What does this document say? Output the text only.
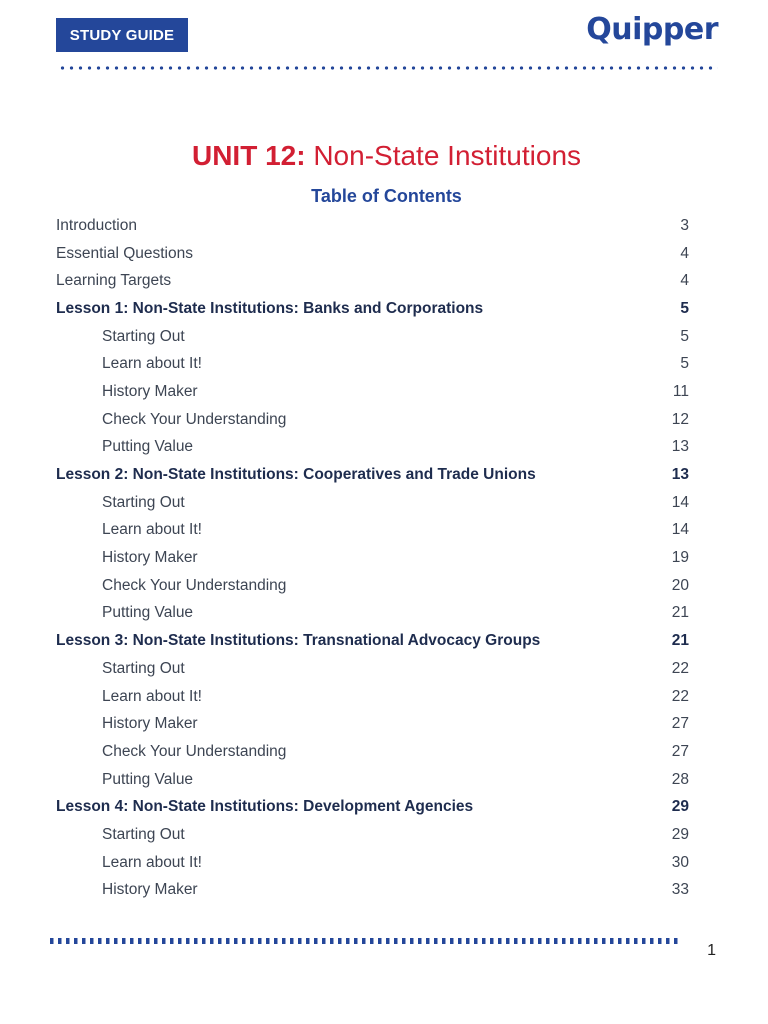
STUDY GUIDE	Quipper
UNIT 12: Non-State Institutions
Table of Contents
Introduction	3
Essential Questions	4
Learning Targets	4
Lesson 1: Non-State Institutions: Banks and Corporations	5
Starting Out	5
Learn about It!	5
History Maker	11
Check Your Understanding	12
Putting Value	13
Lesson 2: Non-State Institutions: Cooperatives and Trade Unions	13
Starting Out	14
Learn about It!	14
History Maker	19
Check Your Understanding	20
Putting Value	21
Lesson 3: Non-State Institutions: Transnational Advocacy Groups	21
Starting Out	22
Learn about It!	22
History Maker	27
Check Your Understanding	27
Putting Value	28
Lesson 4: Non-State Institutions: Development Agencies	29
Starting Out	29
Learn about It!	30
History Maker	33
1
